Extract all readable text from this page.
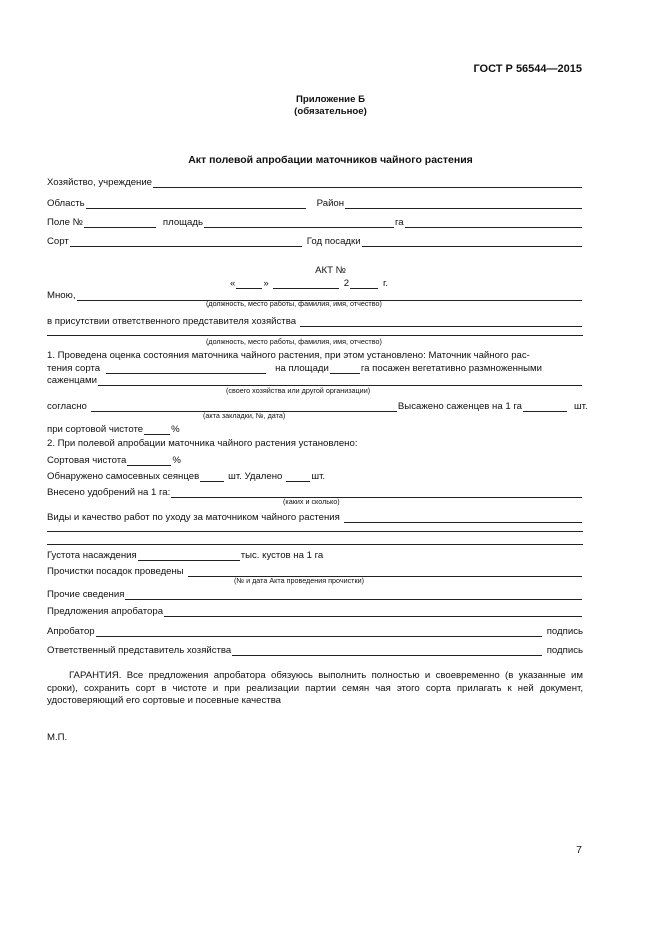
ГОСТ Р 56544—2015
Приложение Б
(обязательное)
Акт полевой апробации маточников чайного растения
Хозяйство, учреждение
Область	Район
Поле №	площадь	га
Сорт	Год посадки
АКТ №
«	»	2	г.
Мною,
(должность, место работы, фамилия, имя, отчество)
в присутствии ответственного представителя хозяйства
(должность, место работы, фамилия, имя, отчество)
1. Проведена оценка состояния маточника чайного растения, при этом установлено: Маточник чайного рас-
тения сорта	на площади	га посажен вегетативно размноженными
саженцами
(своего хозяйства или другой организации)
согласно	Высажено саженцев на 1 га	шт.
(акта закладки, №, дата)
при сортовой чистоте	%
2. При полевой апробации маточника чайного растения установлено:
Сортовая чистота	%
Обнаружено самосевных сеянцев	шт. Удалено	шт.
Внесено удобрений на 1 га:
(каких и сколько)
Виды и качество работ по уходу за маточником чайного растения
Густота насаждения	тыс. кустов на 1 га
Прочистки посадок проведены
(№ и дата Акта проведения прочистки)
Прочие сведения
Предложения апробатора
Апробатор	подпись
Ответственный представитель хозяйства	подпись
ГАРАНТИЯ. Все предложения апробатора обязуюсь выполнить полностью и своевременно (в указанные им сроки), сохранить сорт в чистоте и при реализации партии семян чая этого сорта прилагать к ней документ, удостоверяющий его сортовые и посевные качества
М.П.
7
